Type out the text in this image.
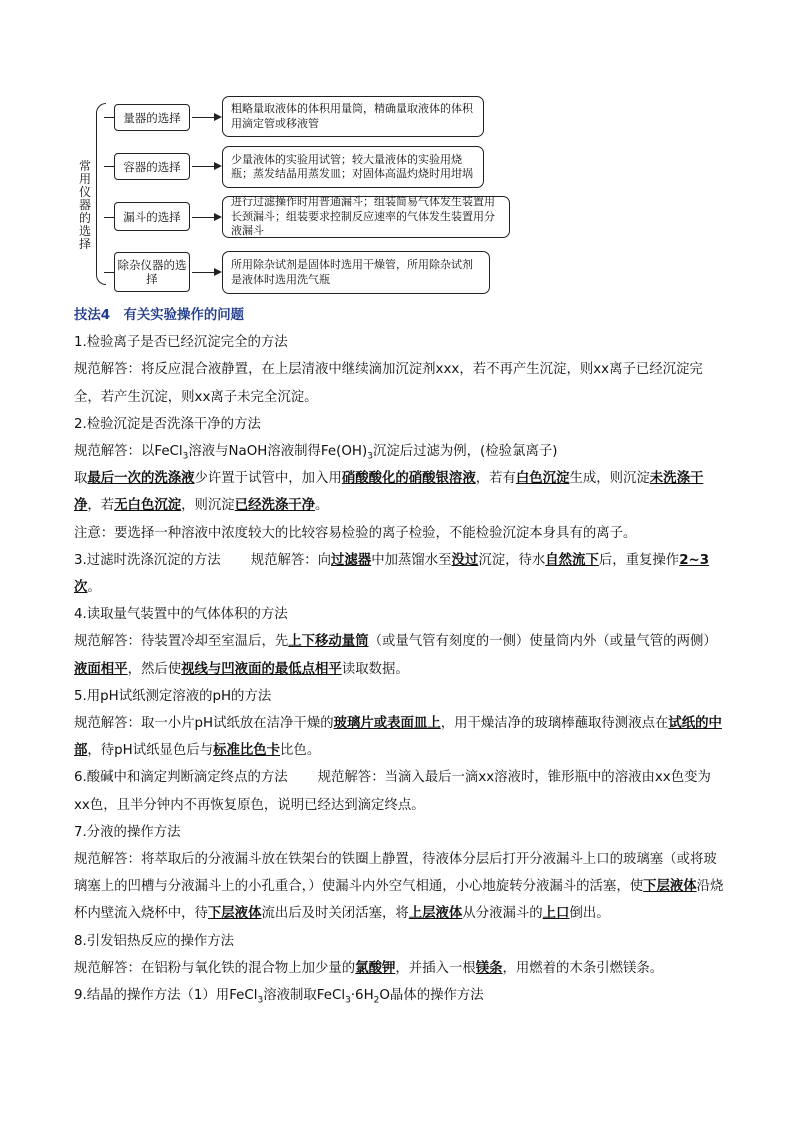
常用仪器的选择
量器的选择
粗略量取液体的体积用量筒，精确量取液体的体积用滴定管或移液管
容器的选择
少量液体的实验用试管；较大量液体的实验用烧瓶；蒸发结晶用蒸发皿；对固体高温灼烧时用坩埚
漏斗的选择
进行过滤操作时用普通漏斗；组装简易气体发生装置用长颈漏斗；组装要求控制反应速率的气体发生装置用分液漏斗
除杂仪器的选择
所用除杂试剂是固体时选用干燥管，所用除杂试剂是液体时选用洗气瓶

技法4　有关实验操作的问题

1.检验离子是否已经沉淀完全的方法

规范解答：将反应混合液静置，在上层清液中继续滴加沉淀剂xxx，若不再产生沉淀，则xx离子已经沉淀完全，若产生沉淀，则xx离子未完全沉淀。

2.检验沉淀是否洗涤干净的方法

规范解答：以FeCl$_3$溶液与NaOH溶液制得$Fe(OH)_3$沉淀后过滤为例，(检验氯离子)

取最后一次的洗涤液少许置于试管中，加入用硝酸酸化的硝酸银溶液，若有白色沉淀生成，则沉淀未洗涤干净，若无白色沉淀，则沉淀已经洗涤干净。

注意：要选择一种溶液中浓度较大的比较容易检验的离子检验，不能检验沉淀本身具有的离子。

3.过滤时洗涤沉淀的方法 规范解答：向过滤器中加蒸馏水至没过沉淀，待水自然流下后，重复操作2~3次。

4.读取量气装置中的气体体积的方法

规范解答：待装置冷却至室温后，先上下移动量筒（或量气管有刻度的一侧）使量筒内外（或量气管的两侧）液面相平，然后使视线与凹液面的最低点相平读取数据。

5.用pH试纸测定溶液的pH的方法

规范解答：取一小片pH试纸放在洁净干燥的玻璃片或表面皿上，用干燥洁净的玻璃棒蘸取待测液点在试纸的中部，待pH试纸显色后与标准比色卡比色。

6.酸碱中和滴定判断滴定终点的方法 规范解答：当滴入最后一滴xx溶液时，锥形瓶中的溶液由xx色变为xx色，且半分钟内不再恢复原色，说明已经达到滴定终点。

7.分液的操作方法

规范解答：将萃取后的分液漏斗放在铁架台的铁圈上静置，待液体分层后打开分液漏斗上口的玻璃塞（或将玻璃塞上的凹槽与分液漏斗上的小孔重合，）使漏斗内外空气相通，小心地旋转分液漏斗的活塞，使下层液体沿烧杯内壁流入烧杯中，待下层液体流出后及时关闭活塞，将上层液体从分液漏斗的上口倒出。

8.引发铝热反应的操作方法

规范解答：在铝粉与氧化铁的混合物上加少量的氯酸钾，并插入一根镁条，用燃着的木条引燃镁条。

9.结晶的操作方法（1）用FeCl$_3$溶液制取$FeCl_3\cdot 6H_2O$晶体的操作方法
